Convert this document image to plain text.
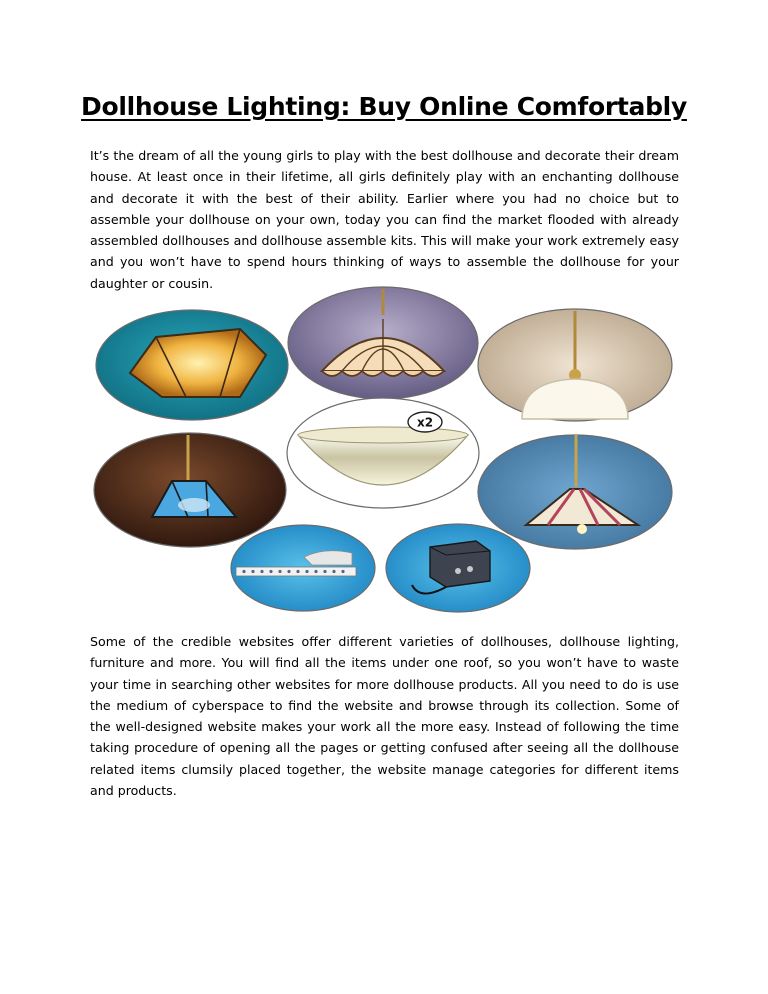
Dollhouse Lighting: Buy Online Comfortably

It’s the dream of all the young girls to play with the best dollhouse and decorate their dream house. At least once in their lifetime, all girls definitely play with an enchanting dollhouse and decorate it with the best of their ability. Earlier where you had no choice but to assemble your dollhouse on your own, today you can find the market flooded with already assembled dollhouses and dollhouse assemble kits. This will make your work extremely easy and you won’t have to spend hours thinking of ways to assemble the dollhouse for your daughter or cousin.

x2

Some of the credible websites offer different varieties of dollhouses, dollhouse lighting, furniture and more. You will find all the items under one roof, so you won’t have to waste your time in searching other websites for more dollhouse products. All you need to do is use the medium of cyberspace to find the website and browse through its collection. Some of the well-designed website makes your work all the more easy. Instead of following the time taking procedure of opening all the pages or getting confused after seeing all the dollhouse related items clumsily placed together, the website manage categories for different items and products.
